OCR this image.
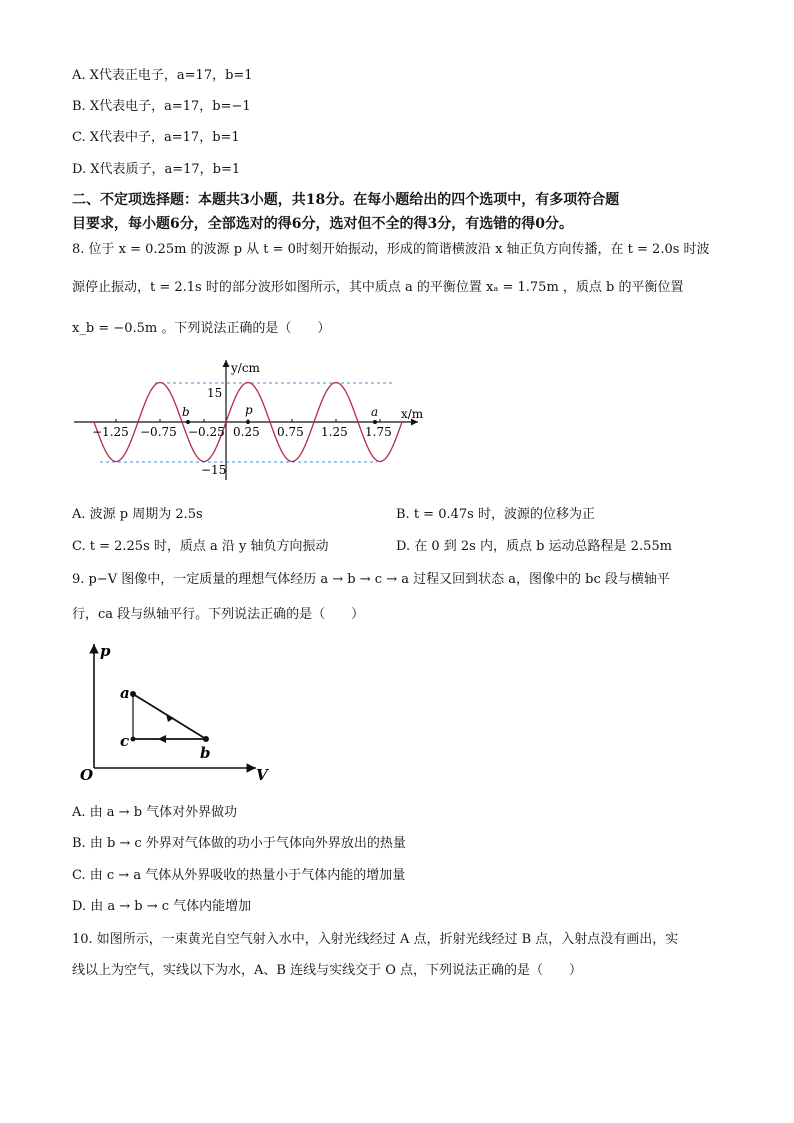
A. X代表正电子，a=17，b=1
B. X代表电子，a=17，b=−1
C. X代表中子，a=17，b=1
D. X代表质子，a=17，b=1
二、不定项选择题：本题共3小题，共18分。在每小题给出的四个选项中，有多项符合题
目要求，每小题6分，全部选对的得6分，选对但不全的得3分，有选错的得0分。
8. 位于 x = 0.25m 的波源 p 从 t = 0时刻开始振动，形成的简谐横波沿 x 轴正负方向传播，在 t = 2.0s 时波
源停止振动，t = 2.1s 时的部分波形如图所示，其中质点 a 的平衡位置 xₐ = 1.75m ，质点 b 的平衡位置
x_b = −0.5m 。下列说法正确的是（　　）
y/cm
x/m
15
−15
−1.25 −0.75 −0.25 0.25 0.75 1.25 1.75
b	p	a
A. 波源 p 周期为 2.5s	B. t = 0.47s 时，波源的位移为正
C. t = 2.25s 时，质点 a 沿 y 轴负方向振动	D. 在 0 到 2s 内，质点 b 运动总路程是 2.55m
9. p−V 图像中，一定质量的理想气体经历 a → b → c → a 过程又回到状态 a，图像中的 bc 段与横轴平
行，ca 段与纵轴平行。下列说法正确的是（　　）
p
V
O
a
b
c
A. 由 a → b 气体对外界做功
B. 由 b → c 外界对气体做的功小于气体向外界放出的热量
C. 由 c → a 气体从外界吸收的热量小于气体内能的增加量
D. 由 a → b → c 气体内能增加
10. 如图所示，一束黄光自空气射入水中，入射光线经过 A 点，折射光线经过 B 点，入射点没有画出，实
线以上为空气，实线以下为水，A、B 连线与实线交于 O 点，下列说法正确的是（　　）
